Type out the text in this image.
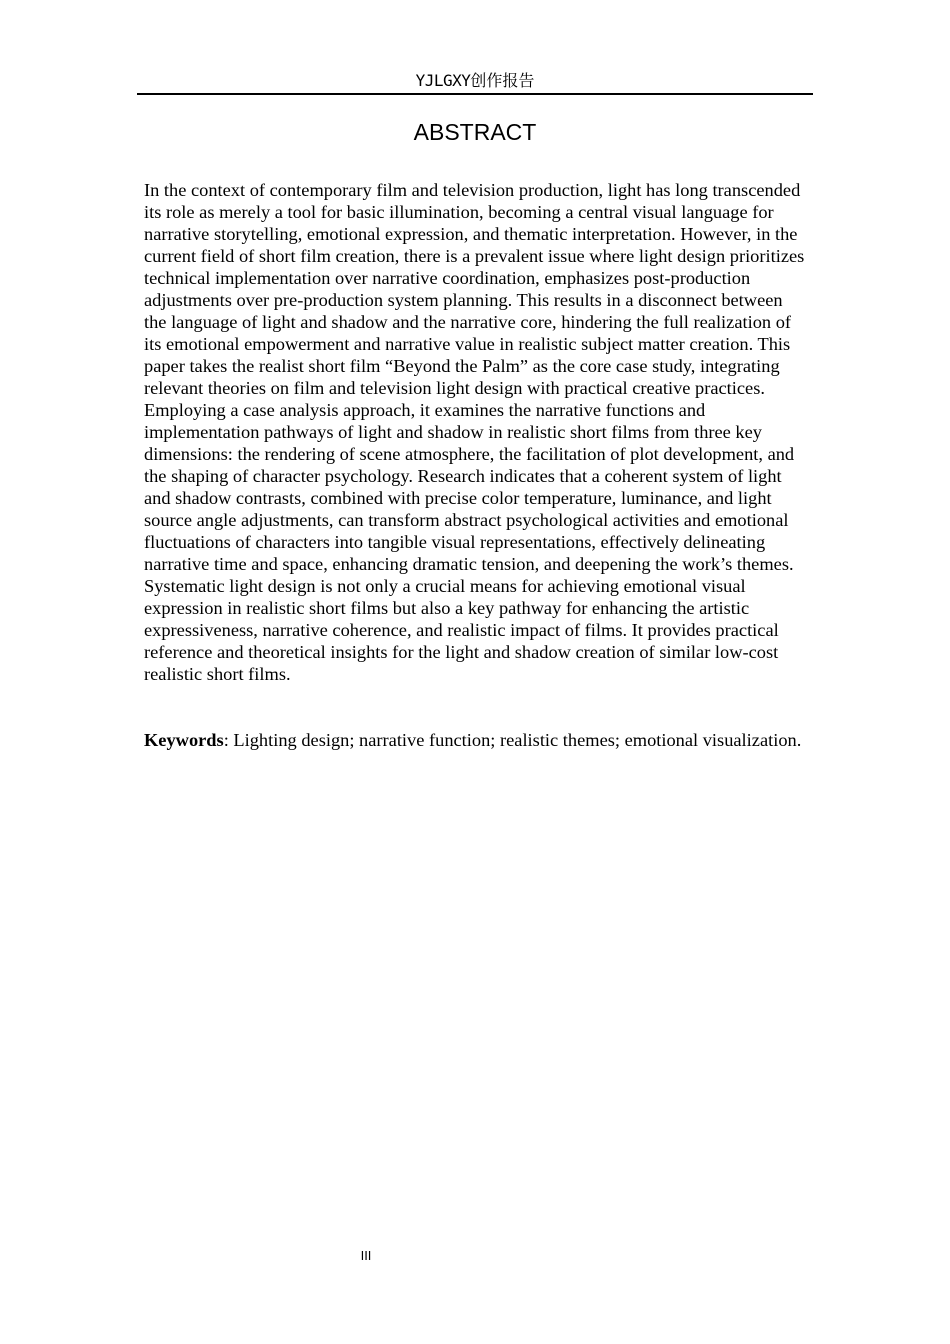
YJLGXY创作报告
ABSTRACT

In the context of contemporary film and television production, light has long transcended its role as merely a tool for basic illumination, becoming a central visual language for narrative storytelling, emotional expression, and thematic interpretation. However, in the current field of short film creation, there is a prevalent issue where light design prioritizes technical implementation over narrative coordination, emphasizes post-production adjustments over pre-production system planning. This results in a disconnect between the language of light and shadow and the narrative core, hindering the full realization of its emotional empowerment and narrative value in realistic subject matter creation. This paper takes the realist short film “Beyond the Palm” as the core case study, integrating relevant theories on film and television light design with practical creative practices. Employing a case analysis approach, it examines the narrative functions and implementation pathways of light and shadow in realistic short films from three key dimensions: the rendering of scene atmosphere, the facilitation of plot development, and the shaping of character psychology. Research indicates that a coherent system of light and shadow contrasts, combined with precise color temperature, luminance, and light source angle adjustments, can transform abstract psychological activities and emotional fluctuations of characters into tangible visual representations, effectively delineating narrative time and space, enhancing dramatic tension, and deepening the work’s themes. Systematic light design is not only a crucial means for achieving emotional visual expression in realistic short films but also a key pathway for enhancing the artistic expressiveness, narrative coherence, and realistic impact of films. It provides practical reference and theoretical insights for the light and shadow creation of similar low-cost realistic short films.

Keywords: Lighting design; narrative function; realistic themes; emotional visualization.

III
